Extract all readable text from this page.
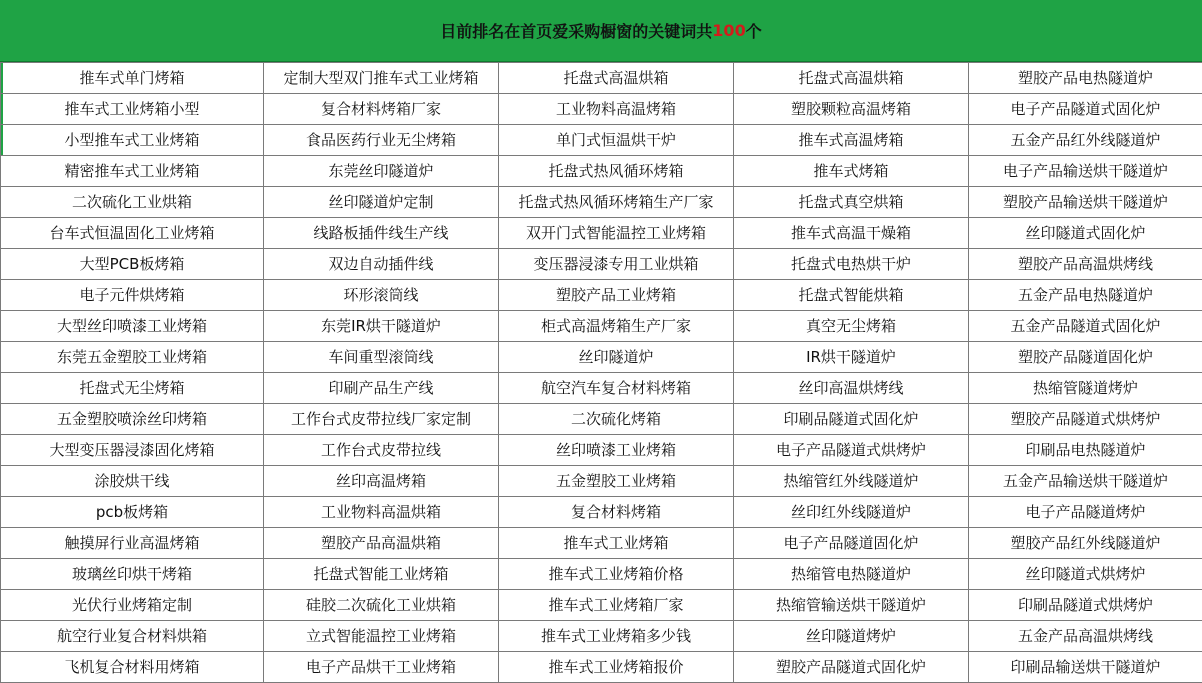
目前排名在首页爱采购橱窗的关键词共 100 个
推车式单门烤箱	定制大型双门推车式工业烤箱	托盘式高温烘箱	托盘式高温烘箱	塑胶产品电热隧道炉
推车式工业烤箱小型	复合材料烤箱厂家	工业物料高温烤箱	塑胶颗粒高温烤箱	电子产品隧道式固化炉
小型推车式工业烤箱	食品医药行业无尘烤箱	单门式恒温烘干炉	推车式高温烤箱	五金产品红外线隧道炉
精密推车式工业烤箱	东莞丝印隧道炉	托盘式热风循环烤箱	推车式烤箱	电子产品输送烘干隧道炉
二次硫化工业烘箱	丝印隧道炉定制	托盘式热风循环烤箱生产厂家	托盘式真空烘箱	塑胶产品输送烘干隧道炉
台车式恒温固化工业烤箱	线路板插件线生产线	双开门式智能温控工业烤箱	推车式高温干燥箱	丝印隧道式固化炉
大型PCB板烤箱	双边自动插件线	变压器浸漆专用工业烘箱	托盘式电热烘干炉	塑胶产品高温烘烤线
电子元件烘烤箱	环形滚筒线	塑胶产品工业烤箱	托盘式智能烘箱	五金产品电热隧道炉
大型丝印喷漆工业烤箱	东莞IR烘干隧道炉	柜式高温烤箱生产厂家	真空无尘烤箱	五金产品隧道式固化炉
东莞五金塑胶工业烤箱	车间重型滚筒线	丝印隧道炉	IR烘干隧道炉	塑胶产品隧道固化炉
托盘式无尘烤箱	印刷产品生产线	航空汽车复合材料烤箱	丝印高温烘烤线	热缩管隧道烤炉
五金塑胶喷涂丝印烤箱	工作台式皮带拉线厂家定制	二次硫化烤箱	印刷品隧道式固化炉	塑胶产品隧道式烘烤炉
大型变压器浸漆固化烤箱	工作台式皮带拉线	丝印喷漆工业烤箱	电子产品隧道式烘烤炉	印刷品电热隧道炉
涂胶烘干线	丝印高温烤箱	五金塑胶工业烤箱	热缩管红外线隧道炉	五金产品输送烘干隧道炉
pcb板烤箱	工业物料高温烘箱	复合材料烤箱	丝印红外线隧道炉	电子产品隧道烤炉
触摸屏行业高温烤箱	塑胶产品高温烘箱	推车式工业烤箱	电子产品隧道固化炉	塑胶产品红外线隧道炉
玻璃丝印烘干烤箱	托盘式智能工业烤箱	推车式工业烤箱价格	热缩管电热隧道炉	丝印隧道式烘烤炉
光伏行业烤箱定制	硅胶二次硫化工业烘箱	推车式工业烤箱厂家	热缩管输送烘干隧道炉	印刷品隧道式烘烤炉
航空行业复合材料烘箱	立式智能温控工业烤箱	推车式工业烤箱多少钱	丝印隧道烤炉	五金产品高温烘烤线
飞机复合材料用烤箱	电子产品烘干工业烤箱	推车式工业烤箱报价	塑胶产品隧道式固化炉	印刷品输送烘干隧道炉
